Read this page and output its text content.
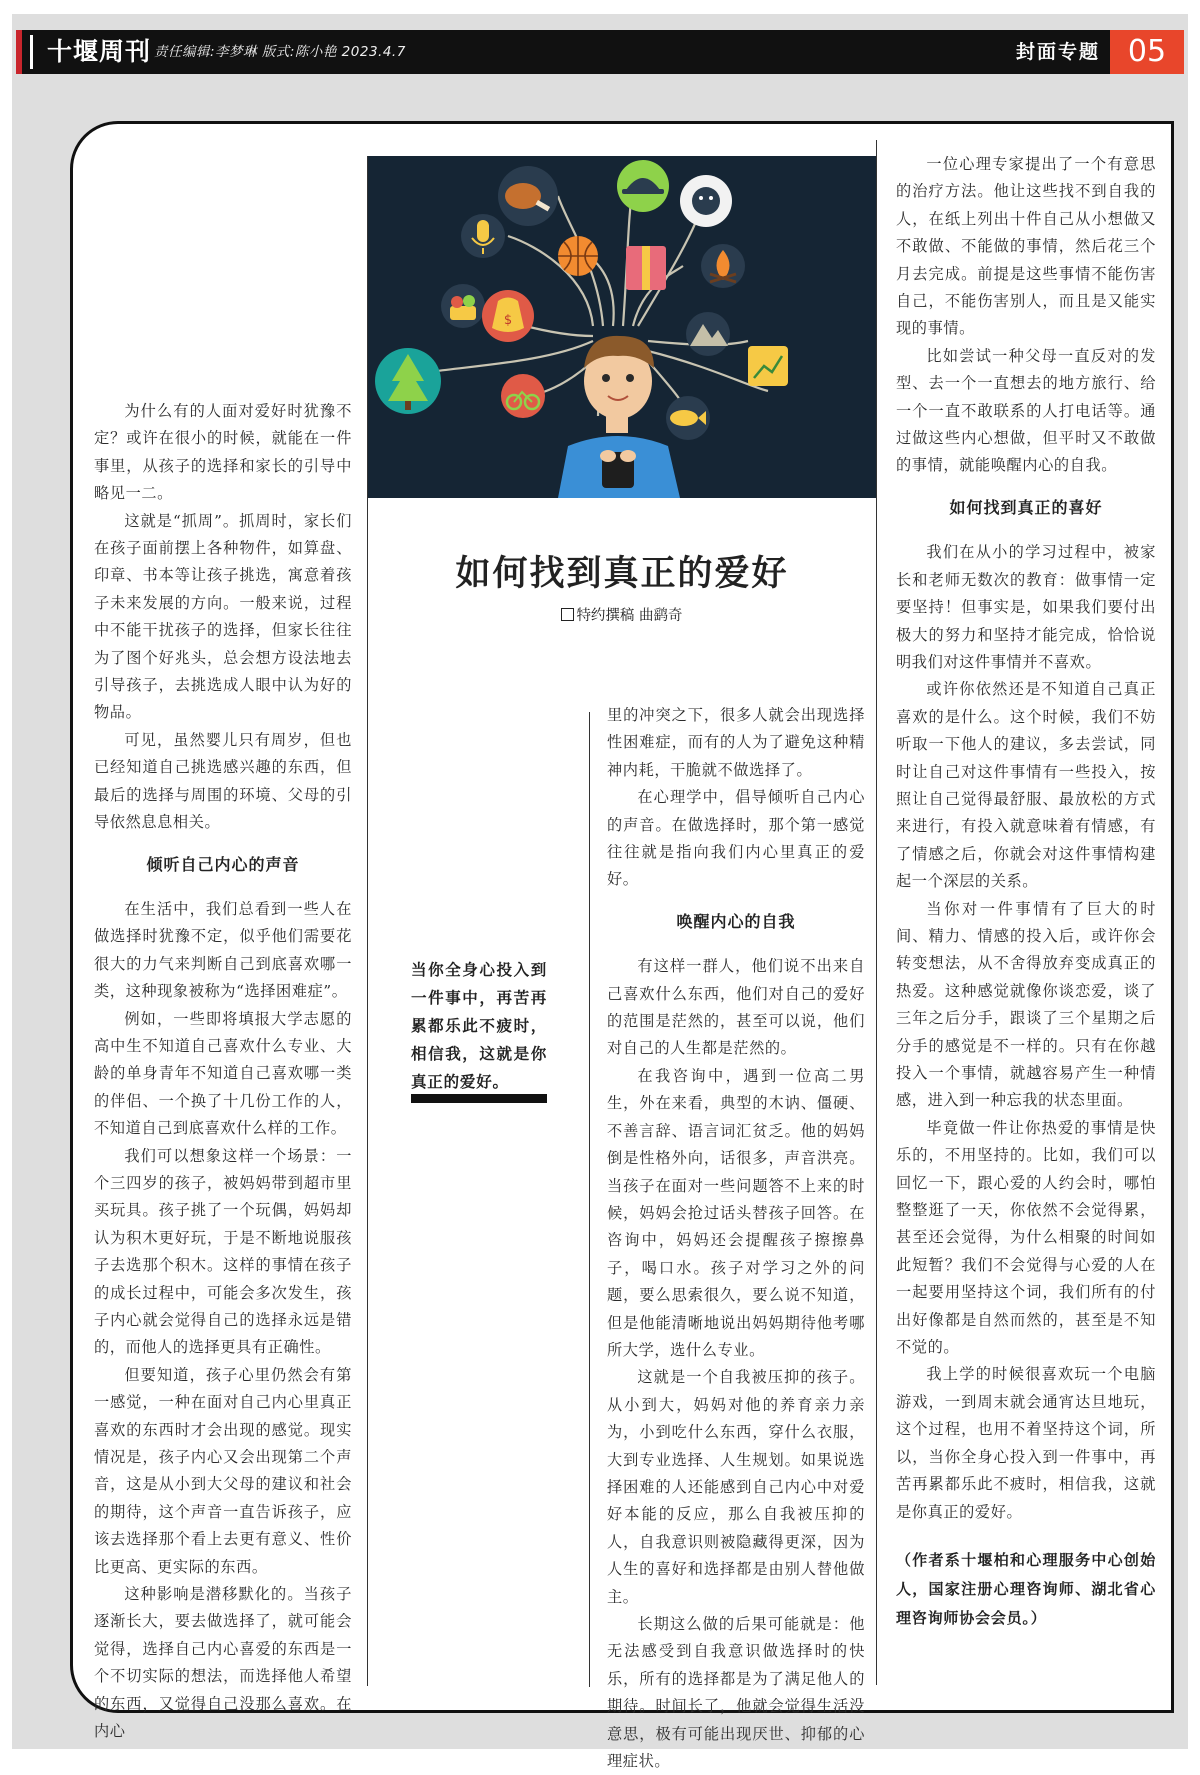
十堰周刊 责任编辑:李梦琳 版式:陈小艳 2023.4.7	封面专题 05
$
如何找到真正的爱好
特约撰稿 曲鹞奇
当你全身心投入到一件事中，再苦再累都乐此不疲时，相信我，这就是你真正的爱好。

为什么有的人面对爱好时犹豫不定？或许在很小的时候，就能在一件事里，从孩子的选择和家长的引导中略见一二。

这就是“抓周”。抓周时，家长们在孩子面前摆上各种物件，如算盘、印章、书本等让孩子挑选，寓意着孩子未来发展的方向。一般来说，过程中不能干扰孩子的选择，但家长往往为了图个好兆头，总会想方设法地去引导孩子，去挑选成人眼中认为好的物品。

可见，虽然婴儿只有周岁，但也已经知道自己挑选感兴趣的东西，但最后的选择与周围的环境、父母的引导依然息息相关。

倾听自己内心的声音

在生活中，我们总看到一些人在做选择时犹豫不定，似乎他们需要花很大的力气来判断自己到底喜欢哪一类，这种现象被称为“选择困难症”。

例如，一些即将填报大学志愿的高中生不知道自己喜欢什么专业、大龄的单身青年不知道自己喜欢哪一类的伴侣、一个换了十几份工作的人，不知道自己到底喜欢什么样的工作。

我们可以想象这样一个场景：一个三四岁的孩子，被妈妈带到超市里买玩具。孩子挑了一个玩偶，妈妈却认为积木更好玩，于是不断地说服孩子去选那个积木。这样的事情在孩子的成长过程中，可能会多次发生，孩子内心就会觉得自己的选择永远是错的，而他人的选择更具有正确性。

但要知道，孩子心里仍然会有第一感觉，一种在面对自己内心里真正喜欢的东西时才会出现的感觉。现实情况是，孩子内心又会出现第二个声音，这是从小到大父母的建议和社会的期待，这个声音一直告诉孩子，应该去选择那个看上去更有意义、性价比更高、更实际的东西。

这种影响是潜移默化的。当孩子逐渐长大，要去做选择了，就可能会觉得，选择自己内心喜爱的东西是一个不切实际的想法，而选择他人希望的东西，又觉得自己没那么喜欢。在内心

里的冲突之下，很多人就会出现选择性困难症，而有的人为了避免这种精神内耗，干脆就不做选择了。

在心理学中，倡导倾听自己内心的声音。在做选择时，那个第一感觉往往就是指向我们内心里真正的爱好。

唤醒内心的自我

有这样一群人，他们说不出来自己喜欢什么东西，他们对自己的爱好的范围是茫然的，甚至可以说，他们对自己的人生都是茫然的。

在我咨询中，遇到一位高二男生，外在来看，典型的木讷、僵硬、不善言辞、语言词汇贫乏。他的妈妈倒是性格外向，话很多，声音洪亮。当孩子在面对一些问题答不上来的时候，妈妈会抢过话头替孩子回答。在咨询中，妈妈还会提醒孩子擦擦鼻子，喝口水。孩子对学习之外的问题，要么思索很久，要么说不知道，但是他能清晰地说出妈妈期待他考哪所大学，选什么专业。

这就是一个自我被压抑的孩子。从小到大，妈妈对他的养育亲力亲为，小到吃什么东西，穿什么衣服，大到专业选择、人生规划。如果说选择困难的人还能感到自己内心中对爱好本能的反应，那么自我被压抑的人，自我意识则被隐藏得更深，因为人生的喜好和选择都是由别人替他做主。

长期这么做的后果可能就是：他无法感受到自我意识做选择时的快乐，所有的选择都是为了满足他人的期待。时间长了，他就会觉得生活没意思，极有可能出现厌世、抑郁的心理症状。

一位心理专家提出了一个有意思的治疗方法。他让这些找不到自我的人，在纸上列出十件自己从小想做又不敢做、不能做的事情，然后花三个月去完成。前提是这些事情不能伤害自己，不能伤害别人，而且是又能实现的事情。

比如尝试一种父母一直反对的发型、去一个一直想去的地方旅行、给一个一直不敢联系的人打电话等。通过做这些内心想做，但平时又不敢做的事情，就能唤醒内心的自我。

如何找到真正的喜好

我们在从小的学习过程中，被家长和老师无数次的教育：做事情一定要坚持！但事实是，如果我们要付出极大的努力和坚持才能完成，恰恰说明我们对这件事情并不喜欢。

或许你依然还是不知道自己真正喜欢的是什么。这个时候，我们不妨听取一下他人的建议，多去尝试，同时让自己对这件事情有一些投入，按照让自己觉得最舒服、最放松的方式来进行，有投入就意味着有情感，有了情感之后，你就会对这件事情构建起一个深层的关系。

当你对一件事情有了巨大的时间、精力、情感的投入后，或许你会转变想法，从不舍得放弃变成真正的热爱。这种感觉就像你谈恋爱，谈了三年之后分手，跟谈了三个星期之后分手的感觉是不一样的。只有在你越投入一个事情，就越容易产生一种情感，进入到一种忘我的状态里面。

毕竟做一件让你热爱的事情是快乐的，不用坚持的。比如，我们可以回忆一下，跟心爱的人约会时，哪怕整整逛了一天，你依然不会觉得累，甚至还会觉得，为什么相聚的时间如此短暂？我们不会觉得与心爱的人在一起要用坚持这个词，我们所有的付出好像都是自然而然的，甚至是不知不觉的。

我上学的时候很喜欢玩一个电脑游戏，一到周末就会通宵达旦地玩，这个过程，也用不着坚持这个词，所以，当你全身心投入到一件事中，再苦再累都乐此不疲时，相信我，这就是你真正的爱好。

（作者系十堰柏和心理服务中心创始人，国家注册心理咨询师、湖北省心理咨询师协会会员。）
